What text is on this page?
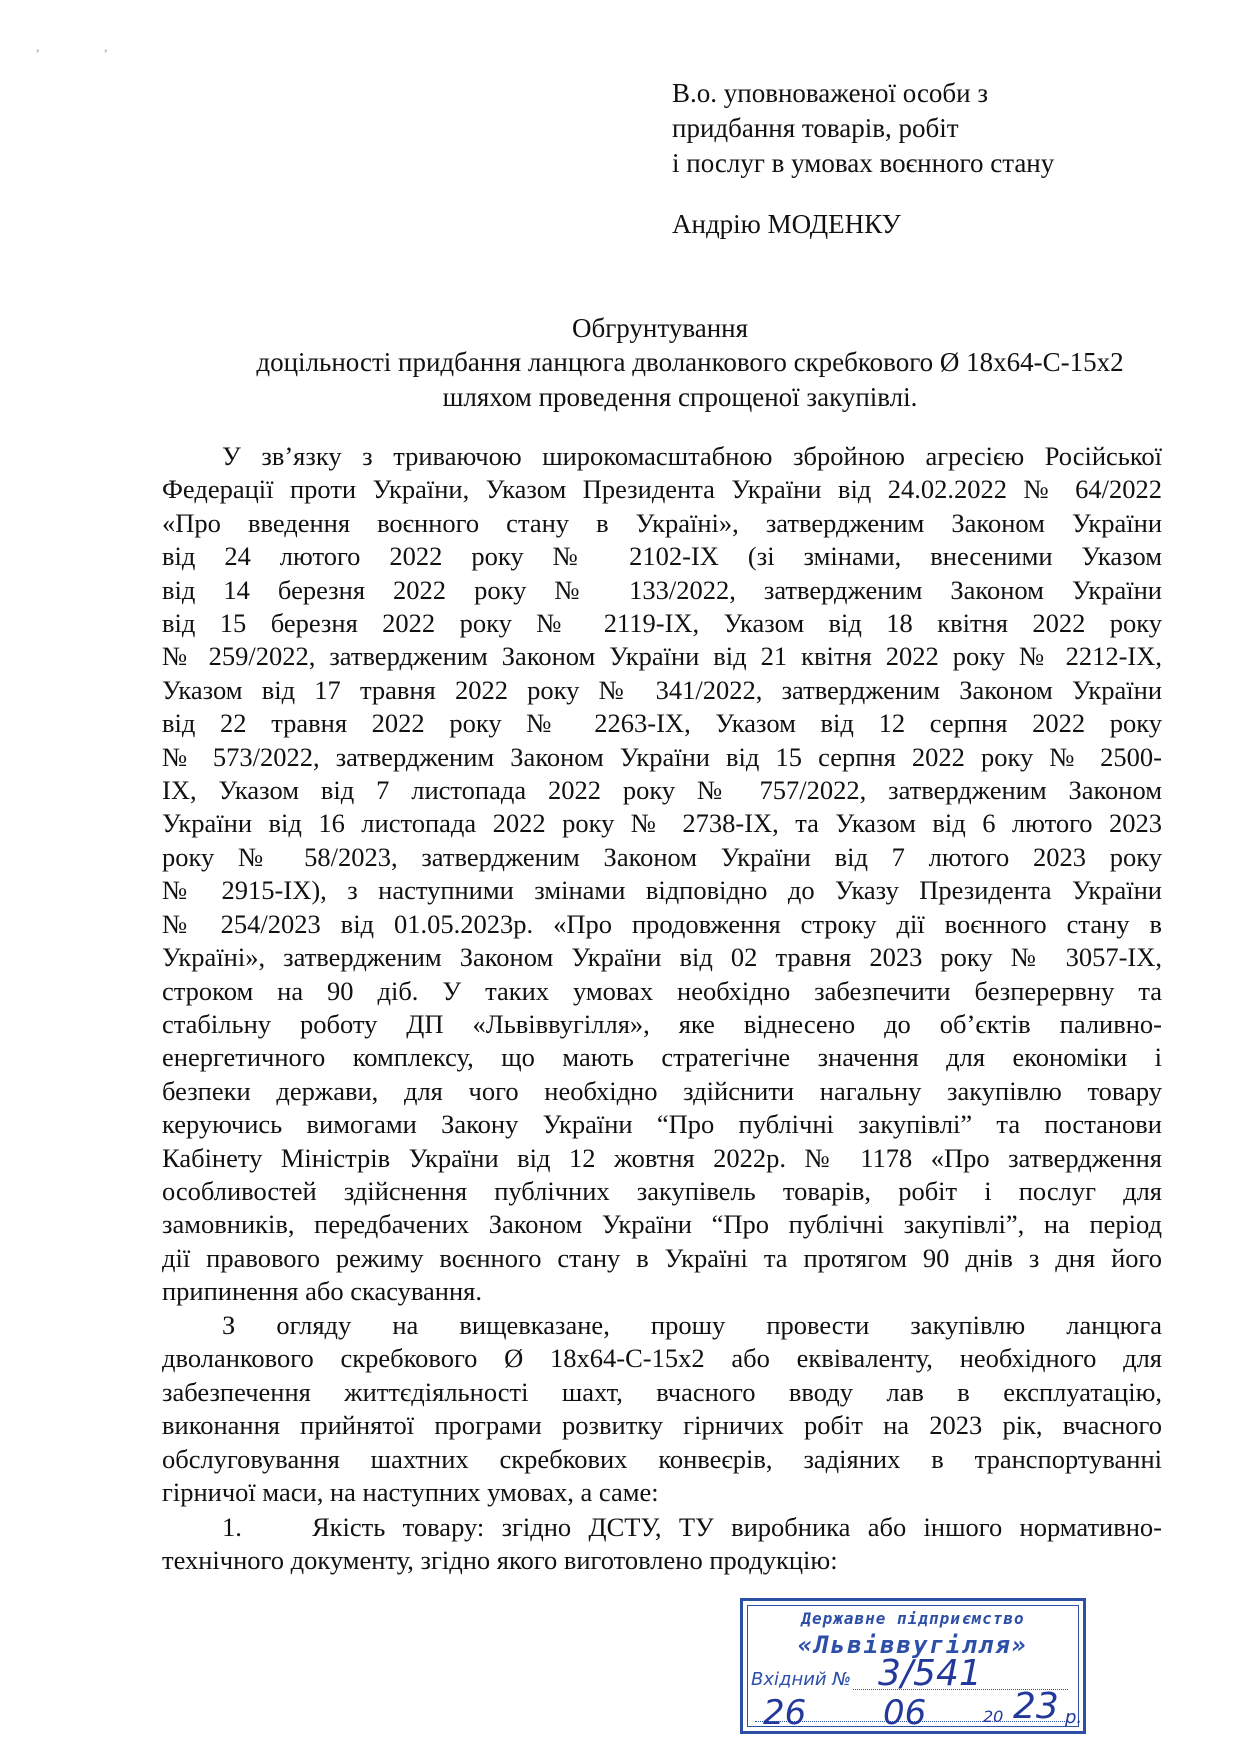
,	,
В.о. уповноваженої особи з
придбання товарів, робіт
і послуг в умовах воєнного стану
Андрію МОДЕНКУ
Обгрунтування
доцільності придбання ланцюга дволанкового скребкового Ø 18х64-С-15х2
шляхом проведення спрощеної закупівлі.
У зв’язку з триваючою широкомасштабною збройною агресією Російської
Федерації проти України, Указом Президента України від 24.02.2022 № 64/2022
«Про введення воєнного стану в Україні», затвердженим Законом України
від 24 лютого 2022 року № 2102-IX (зі змінами, внесеними Указом
від 14 березня 2022 року № 133/2022, затвердженим Законом України
від 15 березня 2022 року № 2119-IX, Указом від 18 квітня 2022 року
№ 259/2022, затвердженим Законом України від 21 квітня 2022 року № 2212-IX,
Указом від 17 травня 2022 року № 341/2022, затвердженим Законом України
від 22 травня 2022 року № 2263-IX, Указом від 12 серпня 2022 року
№ 573/2022, затвердженим Законом України від 15 серпня 2022 року № 2500-
IX, Указом від 7 листопада 2022 року № 757/2022, затвердженим Законом
України від 16 листопада 2022 року № 2738-IX, та Указом від 6 лютого 2023
року № 58/2023, затвердженим Законом України від 7 лютого 2023 року
№ 2915-IX), з наступними змінами відповідно до Указу Президента України
№ 254/2023 від 01.05.2023р. «Про продовження строку дії воєнного стану в
Україні», затвердженим Законом України від 02 травня 2023 року № 3057-IX,
строком на 90 діб. У таких умовах необхідно забезпечити безперервну та
стабільну роботу ДП «Львіввугілля», яке віднесено до об’єктів паливно-
енергетичного комплексу, що мають стратегічне значення для економіки і
безпеки держави, для чого необхідно здійснити нагальну закупівлю товару
керуючись вимогами Закону України “Про публічні закупівлі” та постанови
Кабінету Міністрів України від 12 жовтня 2022р. № 1178 «Про затвердження
особливостей здійснення публічних закупівель товарів, робіт і послуг для
замовників, передбачених Законом України “Про публічні закупівлі”, на період
дії правового режиму воєнного стану в Україні та протягом 90 днів з дня його
припинення або скасування.
З огляду на вищевказане, прошу провести закупівлю ланцюга
дволанкового скребкового Ø 18х64-С-15х2 або еквіваленту, необхідного для
забезпечення життєдіяльності шахт, вчасного вводу лав в експлуатацію,
виконання прийнятої програми розвитку гірничих робіт на 2023 рік, вчасного
обслуговування шахтних скребкових конвеєрів, задіяних в транспортуванні
гірничої маси, на наступних умовах, а саме:
1.	Якість товару: згідно ДСТУ, ТУ виробника або іншого нормативно-
технічного документу, згідно якого виготовлено продукцію:
Державне підприємство
«Львіввугілля»
Вхідний № 3/541
26 06	20 23 р.
